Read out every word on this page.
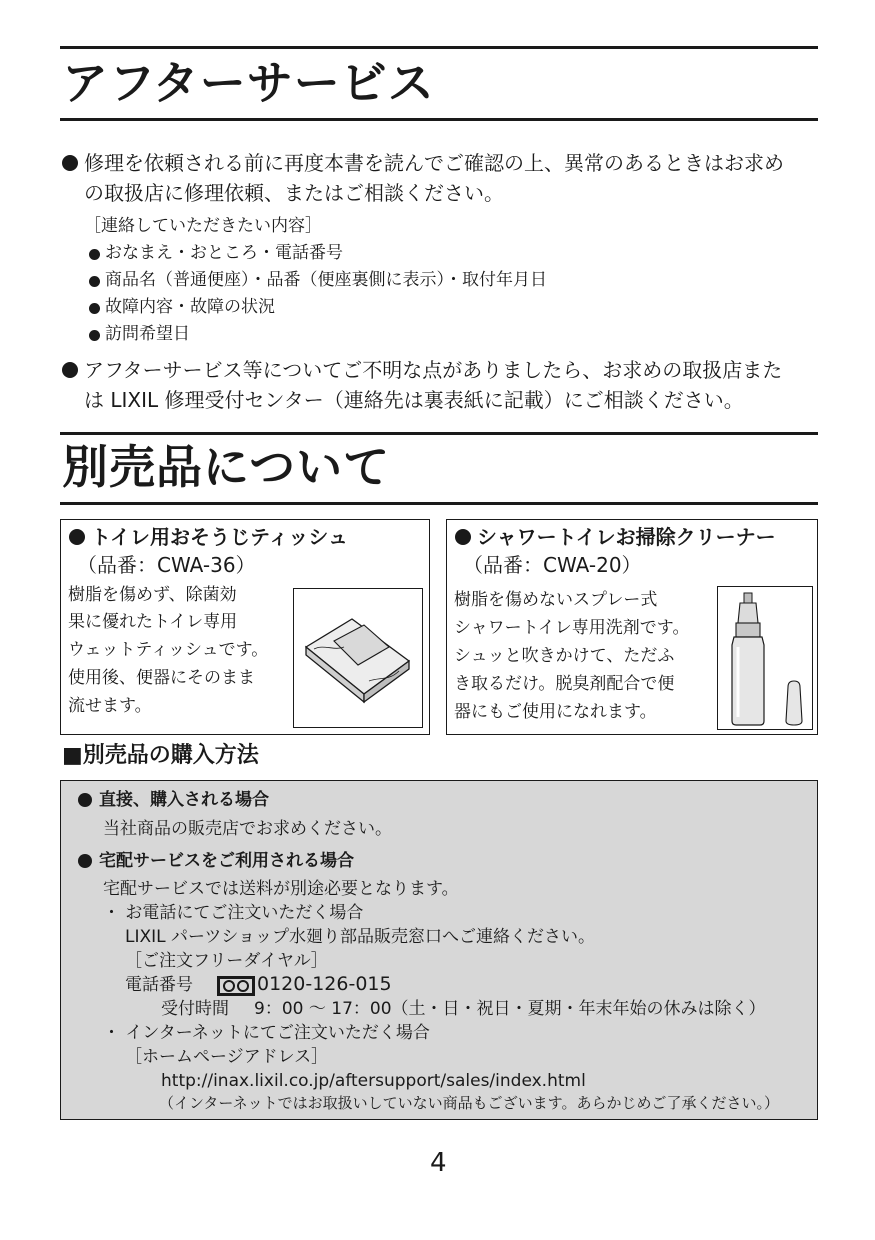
アフターサービス
修理を依頼される前に再度本書を読んでご確認の上、異常のあるときはお求め
の取扱店に修理依頼、またはご相談ください。
［連絡していただきたい内容］
おなまえ・おところ・電話番号
商品名（普通便座）・品番（便座裏側に表示）・取付年月日
故障内容・故障の状況
訪問希望日
アフターサービス等についてご不明な点がありましたら、お求めの取扱店また
は LIXIL 修理受付センター（連絡先は裏表紙に記載）にご相談ください。
別売品について
トイレ用おそうじティッシュ
（品番：CWA-36）
樹脂を傷めず、除菌効
果に優れたトイレ専用
ウェットティッシュです。
使用後、便器にそのまま
流せます。
シャワートイレお掃除クリーナー
（品番：CWA-20）
樹脂を傷めないスプレー式
シャワートイレ専用洗剤です。
シュッと吹きかけて、ただふ
き取るだけ。脱臭剤配合で便
器にもご使用になれます。
■別売品の購入方法
直接、購入される場合
当社商品の販売店でお求めください。
宅配サービスをご利用される場合
宅配サービスでは送料が別途必要となります。
・ お電話にてご注文いただく場合
LIXIL パーツショップ水廻り部品販売窓口へご連絡ください。
［ご注文フリーダイヤル］
電話番号	0120-126-015
受付時間 9：00 ～ 17：00（土・日・祝日・夏期・年末年始の休みは除く）
・ インターネットにてご注文いただく場合
［ホームページアドレス］
http://inax.lixil.co.jp/aftersupport/sales/index.html
（インターネットではお取扱いしていない商品もございます。あらかじめご了承ください。）
4
